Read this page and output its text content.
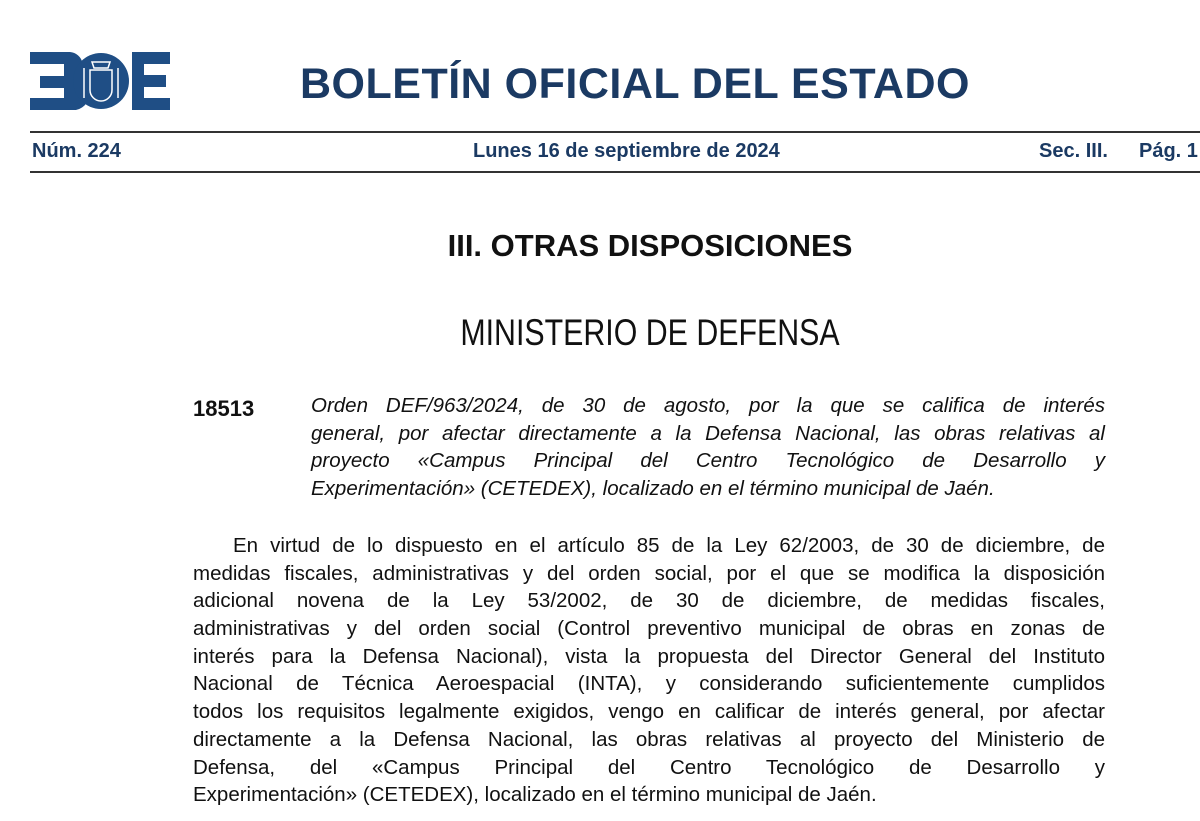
BOLETÍN OFICIAL DEL ESTADO
Núm. 224	Lunes 16 de septiembre de 2024	Sec. III. Pág. 1
III. OTRAS DISPOSICIONES
MINISTERIO DE DEFENSA
18513	Orden DEF/963/2024, de 30 de agosto, por la que se califica de interés
general, por afectar directamente a la Defensa Nacional, las obras relativas al
proyecto «Campus Principal del Centro Tecnológico de Desarrollo y
Experimentación» (CETEDEX), localizado en el término municipal de Jaén.
En virtud de lo dispuesto en el artículo 85 de la Ley 62/2003, de 30 de diciembre, de
medidas fiscales, administrativas y del orden social, por el que se modifica la disposición
adicional novena de la Ley 53/2002, de 30 de diciembre, de medidas fiscales,
administrativas y del orden social (Control preventivo municipal de obras en zonas de
interés para la Defensa Nacional), vista la propuesta del Director General del Instituto
Nacional de Técnica Aeroespacial (INTA), y considerando suficientemente cumplidos
todos los requisitos legalmente exigidos, vengo en calificar de interés general, por afectar
directamente a la Defensa Nacional, las obras relativas al proyecto del Ministerio de
Defensa, del «Campus Principal del Centro Tecnológico de Desarrollo y
Experimentación» (CETEDEX), localizado en el término municipal de Jaén.
